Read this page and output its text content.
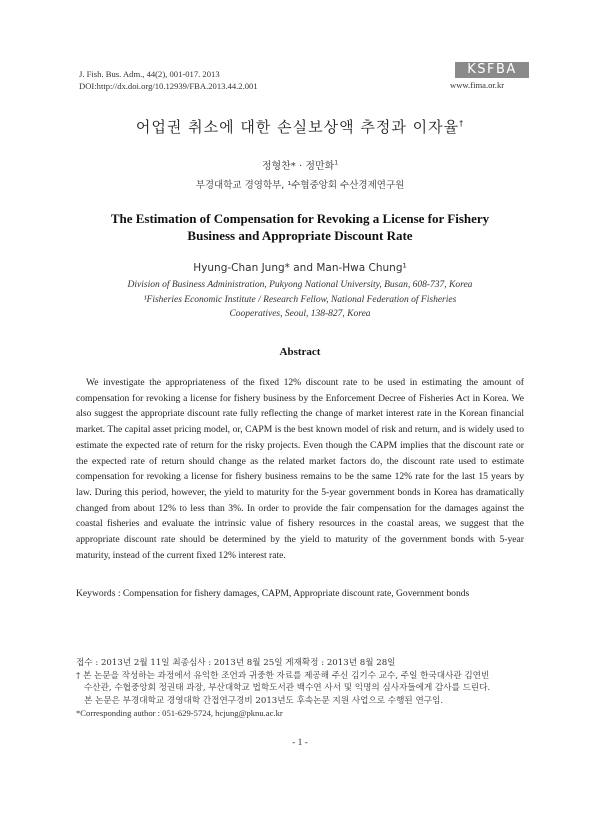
J. Fish. Bus. Adm., 44(2), 001-017. 2013
DOI:http://dx.doi.org/10.12939/FBA.2013.44.2.001
KSFBA
www.fima.or.kr
어업권 취소에 대한 손실보상액 추정과 이자율†
정형찬* · 정만화$^1$
부경대학교 경영학부, ¹수협중앙회 수산경제연구원
The Estimation of Compensation for Revoking a License for Fishery
Business and Appropriate Discount Rate
Hyung-Chan Jung* and Man-Hwa Chung¹
Division of Business Administration, Pukyong National University, Busan, 608-737, Korea
¹Fisheries Economic Institute / Research Fellow, National Federation of Fisheries
Cooperatives, Seoul, 138-827, Korea
Abstract
We investigate the appropriateness of the fixed 12% discount rate to be used in estimating the amount of compensation for revoking a license for fishery business by the Enforcement Decree of Fisheries Act in Korea. We also suggest the appropriate discount rate fully reflecting the change of market interest rate in the Korean financial market. The capital asset pricing model, or, CAPM is the best known model of risk and return, and is widely used to estimate the expected rate of return for the risky projects. Even though the CAPM implies that the discount rate or the expected rate of return should change as the related market factors do, the discount rate used to estimate compensation for revoking a license for fishery business remains to be the same 12% rate for the last 15 years by law. During this period, however, the yield to maturity for the 5-year government bonds in Korea has dramatically changed from about 12% to less than 3%. In order to provide the fair compensation for the damages against the coastal fisheries and evaluate the intrinsic value of fishery resources in the coastal areas, we suggest that the appropriate discount rate should be determined by the yield to maturity of the government bonds with 5-year maturity, instead of the current fixed 12% interest rate.
Keywords : Compensation for fishery damages, CAPM, Appropriate discount rate, Government bonds
접수 : 2013년 2월 11일 최종심사 : 2013년 8월 25일 게재확정 : 2013년 8월 28일
† 본 논문을 작성하는 과정에서 유익한 조언과 귀중한 자료를 제공해 주신 김기수 교수, 주일 한국대사관 김연빈
수산관, 수협중앙회 정권태 과장, 부산대학교 법학도서관 백수연 사서 및 익명의 심사자들에게 감사를 드린다.
본 논문은 부경대학교 경영대학 간접연구경비 2013년도 후속논문 지원 사업으로 수행된 연구임.
*Corresponding author : 051-629-5724, hcjung@pknu.ac.kr
- 1 -
